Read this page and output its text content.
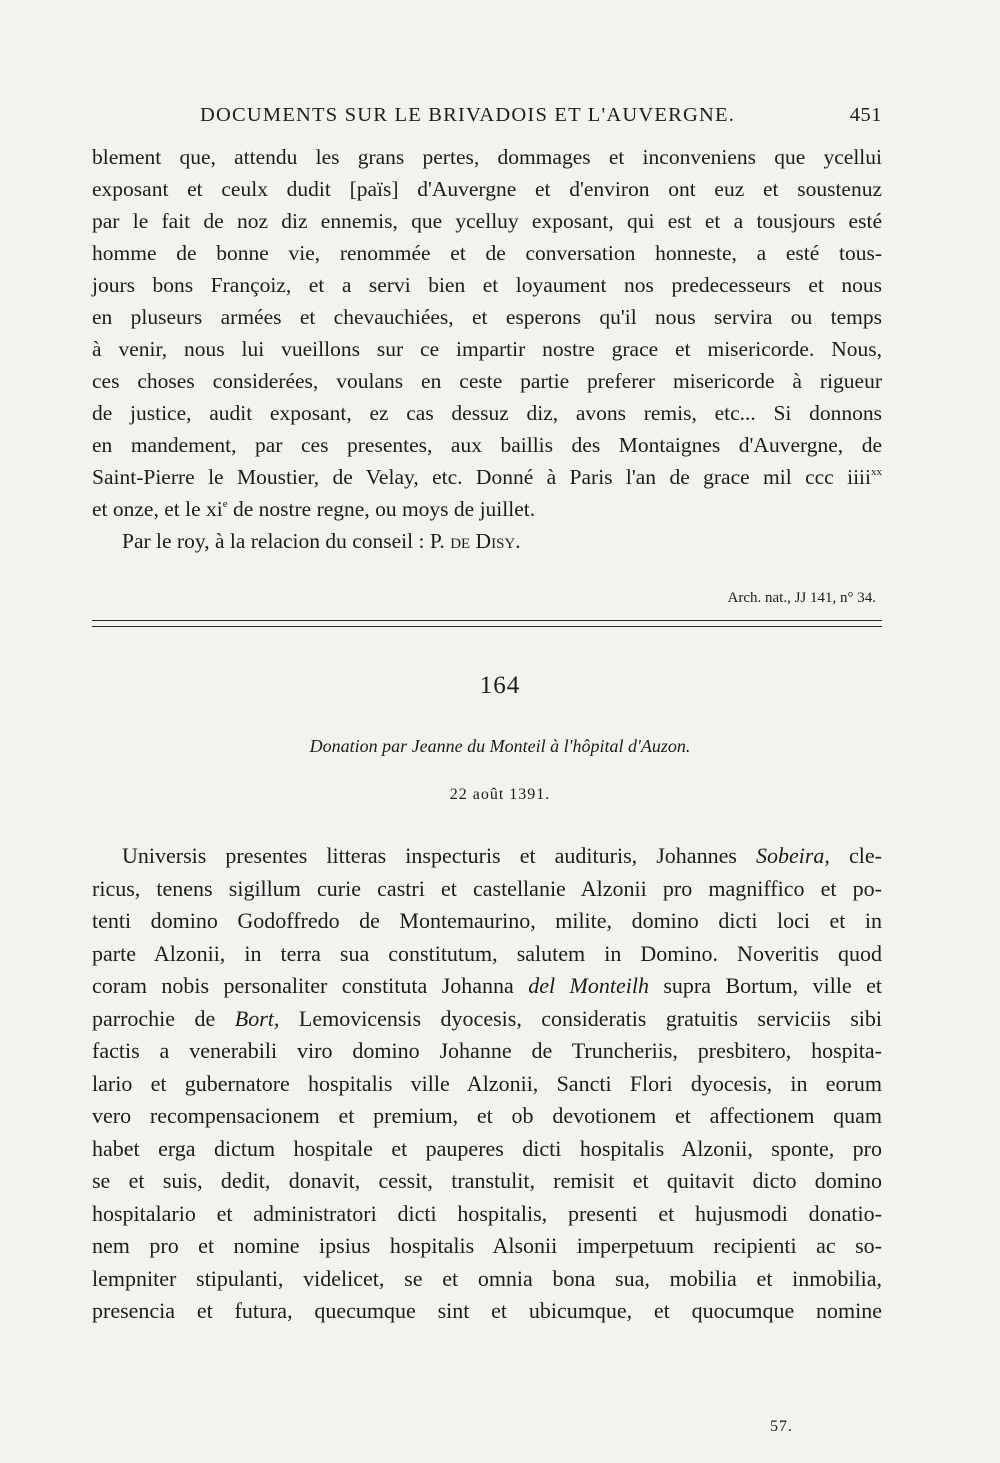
DOCUMENTS SUR LE BRIVADOIS ET L'AUVERGNE.	451
blement que, attendu les grans pertes, dommages et inconveniens que ycellui
exposant et ceulx dudit [païs] d'Auvergne et d'environ ont euz et soustenuz
par le fait de noz diz ennemis, que ycelluy exposant, qui est et a tousjours esté
homme de bonne vie, renommée et de conversation honneste, a esté tous-
jours bons Françoiz, et a servi bien et loyaument nos predecesseurs et nous
en pluseurs armées et chevauchiées, et esperons qu'il nous servira ou temps
à venir, nous lui vueillons sur ce impartir nostre grace et misericorde. Nous,
ces choses considerées, voulans en ceste partie preferer misericorde à rigueur
de justice, audit exposant, ez cas dessuz diz, avons remis, etc... Si donnons
en mandement, par ces presentes, aux baillis des Montaignes d'Auvergne, de
Saint-Pierre le Moustier, de Velay, etc. Donné à Paris l'an de grace mil ccc iiii$^{xx}$
et onze, et le $xi^e$ de nostre regne, ou moys de juillet.
Par le roy, à la relacion du conseil : P. de Disy.
Arch. nat., JJ 141, n° 34.
164
Donation par Jeanne du Monteil à l'hôpital d'Auzon.
22 août 1391.
Universis presentes litteras inspecturis et audituris, Johannes Sobeira, cle-
ricus, tenens sigillum curie castri et castellanie Alzonii pro magniffico et po-
tenti domino Godoffredo de Montemaurino, milite, domino dicti loci et in
parte Alzonii, in terra sua constitutum, salutem in Domino. Noveritis quod
coram nobis personaliter constituta Johanna del Monteilh supra Bortum, ville et
parrochie de Bort, Lemovicensis dyocesis, consideratis gratuitis serviciis sibi
factis a venerabili viro domino Johanne de Truncheriis, presbitero, hospita-
lario et gubernatore hospitalis ville Alzonii, Sancti Flori dyocesis, in eorum
vero recompensacionem et premium, et ob devotionem et affectionem quam
habet erga dictum hospitale et pauperes dicti hospitalis Alzonii, sponte, pro
se et suis, dedit, donavit, cessit, transtulit, remisit et quitavit dicto domino
hospitalario et administratori dicti hospitalis, presenti et hujusmodi donatio-
nem pro et nomine ipsius hospitalis Alsonii imperpetuum recipienti ac so-
lempniter stipulanti, videlicet, se et omnia bona sua, mobilia et inmobilia,
presencia et futura, quecumque sint et ubicumque, et quocumque nomine
57.
